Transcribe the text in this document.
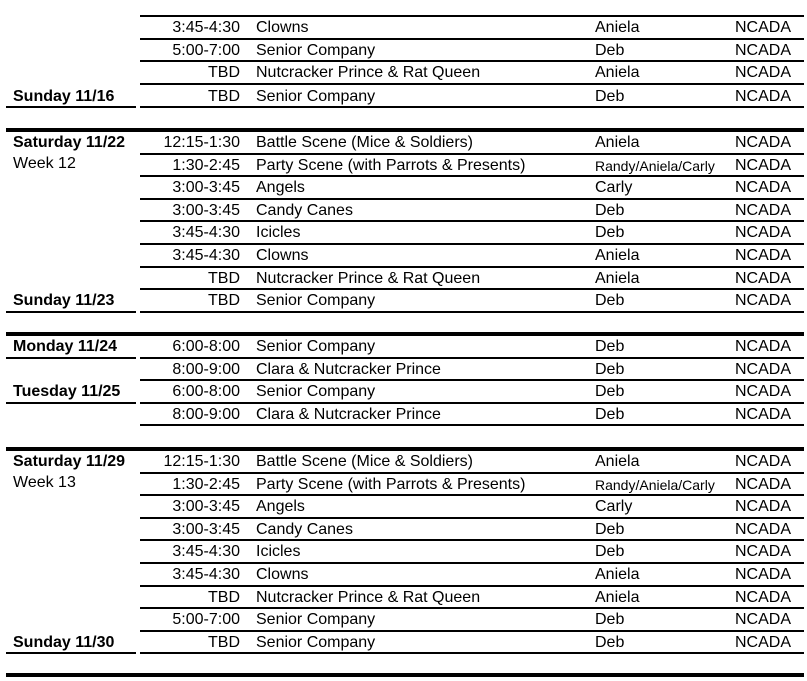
3:45-4:30 Clowns	Aniela	NCADA
5:00-7:00 Senior Company	Deb	NCADA
TBD Nutcracker Prince & Rat Queen	Aniela	NCADA
Sunday 11/16	TBD Senior Company	Deb	NCADA
Saturday 11/22
Week 12
12:15-1:30 Battle Scene (Mice & Soldiers)	Aniela	NCADA
1:30-2:45 Party Scene (with Parrots & Presents)	Randy/Aniela/Carly NCADA
3:00-3:45 Angels	Carly	NCADA
3:00-3:45 Candy Canes	Deb	NCADA
3:45-4:30 Icicles	Deb	NCADA
3:45-4:30 Clowns	Aniela	NCADA
TBD Nutcracker Prince & Rat Queen	Aniela	NCADA
Sunday 11/23	TBD Senior Company	Deb	NCADA
Monday 11/24	6:00-8:00 Senior Company	Deb	NCADA
8:00-9:00 Clara & Nutcracker Prince	Deb	NCADA
Tuesday 11/25	6:00-8:00 Senior Company	Deb	NCADA
8:00-9:00 Clara & Nutcracker Prince	Deb	NCADA
Saturday 11/29
Week 13
12:15-1:30 Battle Scene (Mice & Soldiers)	Aniela	NCADA
1:30-2:45 Party Scene (with Parrots & Presents)	Randy/Aniela/Carly NCADA
3:00-3:45 Angels	Carly	NCADA
3:00-3:45 Candy Canes	Deb	NCADA
3:45-4:30 Icicles	Deb	NCADA
3:45-4:30 Clowns	Aniela	NCADA
TBD Nutcracker Prince & Rat Queen	Aniela	NCADA
5:00-7:00 Senior Company	Deb	NCADA
Sunday 11/30	TBD Senior Company	Deb	NCADA
